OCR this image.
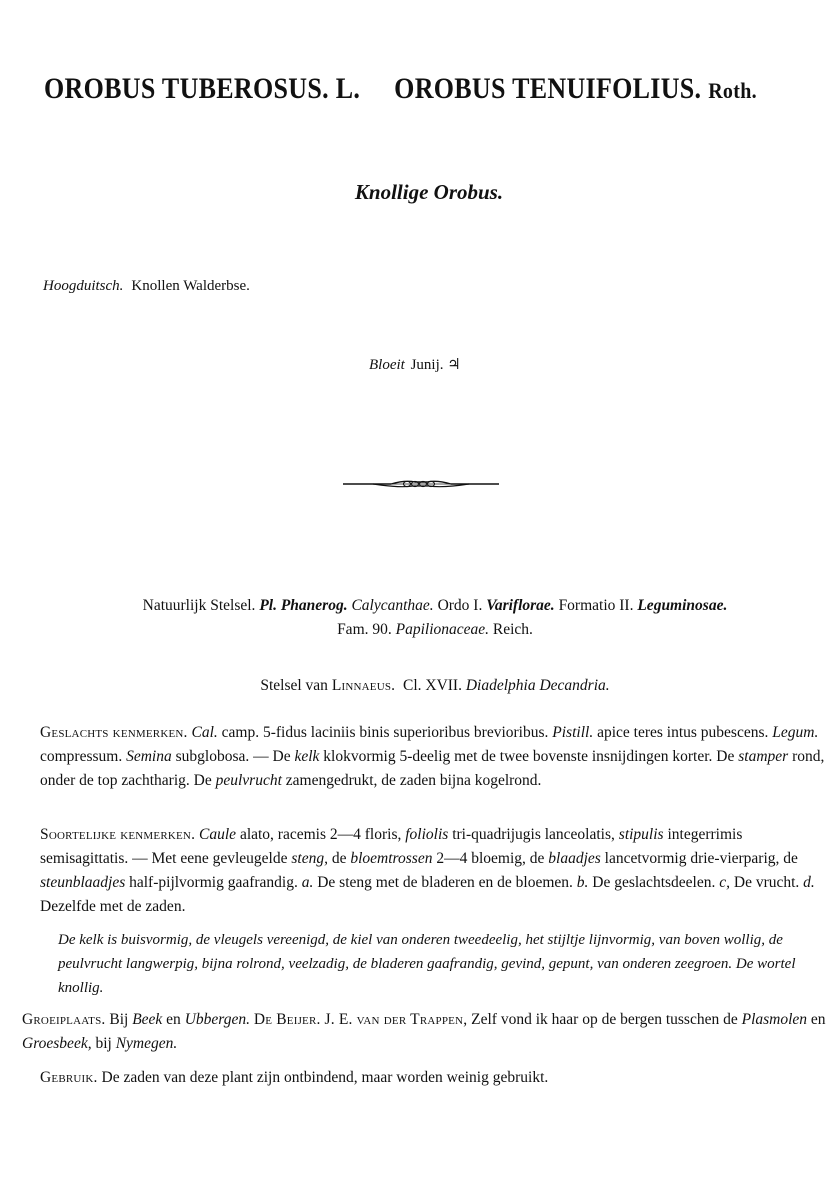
OROBUS TUBEROSUS. L. OROBUS TENUIFOLIUS. Roth.
Knollige Orobus.
Hoogduitsch. Knollen Walderbse.
Bloeit Junij. ♃

Natuurlijk Stelsel. Pl. Phanerog. Calycanthae. Ordo I. Variflorae. Formatio II. Leguminosae.

Fam. 90. Papilionaceae. Reich.

Stelsel van Linnaeus. Cl. XVII. Diadelphia Decandria.

Geslachts kenmerken. Cal. camp. 5-fidus laciniis binis superioribus brevioribus. Pistill. apice teres intus pubescens. Legum. compressum. Semina subglobosa. — De kelk klokvormig 5-deelig met de twee bovenste insnijdingen korter. De stamper rond, onder de top zachtharig. De peulvrucht zamengedrukt, de zaden bijna kogelrond.

Soortelijke kenmerken. Caule alato, racemis 2—4 floris, foliolis tri-quadrijugis lanceolatis, stipulis integerrimis semisagittatis. — Met eene gevleugelde steng, de bloemtrossen 2—4 bloemig, de blaadjes lancetvormig drie-vierparig, de steunblaadjes half-pijlvormig gaafrandig. a. De steng met de bladeren en de bloemen. b. De geslachtsdeelen. c, De vrucht. d. Dezelfde met de zaden.

De kelk is buisvormig, de vleugels vereenigd, de kiel van onderen tweedeelig, het stijltje lijnvormig, van boven wollig, de peulvrucht langwerpig, bijna rolrond, veelzadig, de bladeren gaafrandig, gevind, gepunt, van onderen zeegroen. De wortel knollig.

Groeiplaats. Bij Beek en Ubbergen. De Beijer. J. E. van der Trappen, Zelf vond ik haar op de bergen tusschen de Plasmolen en Groesbeek, bij Nymegen.

Gebruik. De zaden van deze plant zijn ontbindend, maar worden weinig gebruikt.
